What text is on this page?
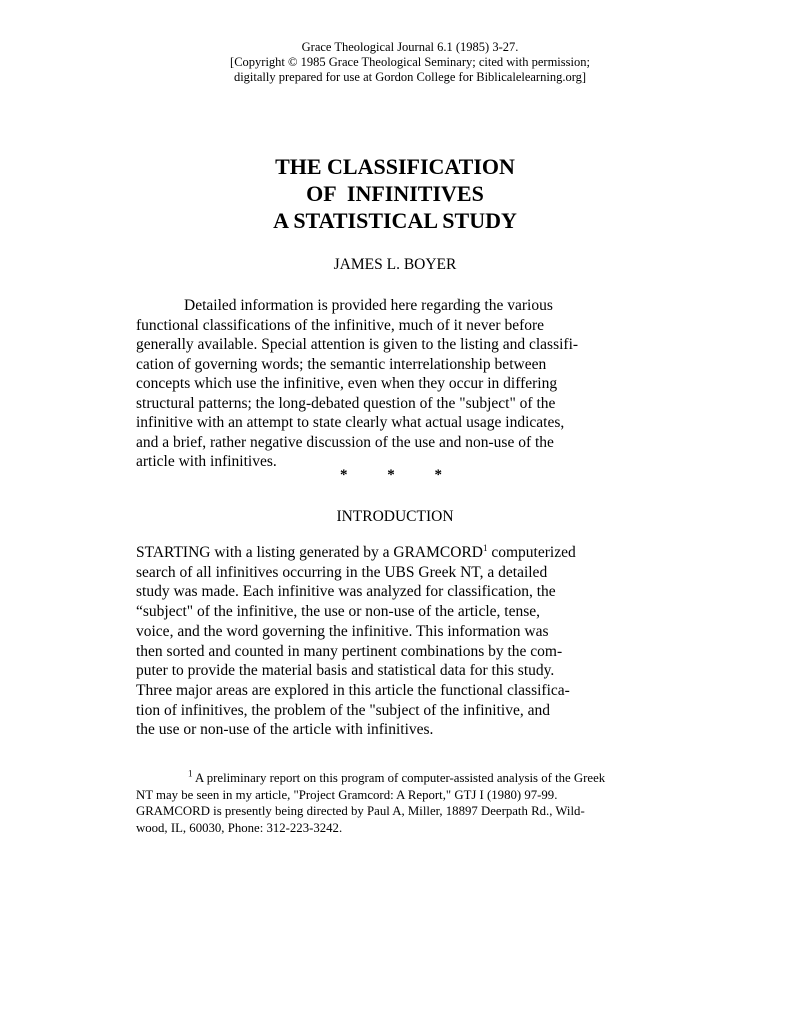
Grace Theological Journal 6.1 (1985) 3-27.
[Copyright © 1985 Grace Theological Seminary; cited with permission;
digitally prepared for use at Gordon College for Biblicalelearning.org]
THE CLASSIFICATION
OF  INFINITIVES
A STATISTICAL STUDY
JAMES L. BOYER
Detailed information is provided here regarding the various
functional classifications of the infinitive, much of it never before
generally available. Special attention is given to the listing and classifi-
cation of governing words; the semantic interrelationship between
concepts which use the infinitive, even when they occur in differing
structural patterns; the long-debated question of the "subject" of the
infinitive with an attempt to state clearly what actual usage indicates,
and a brief, rather negative discussion of the use and non-use of the
article with infinitives.
* * *
INTRODUCTION
STARTING with a listing generated by a GRAMCORD$^1$ computerized
search of all infinitives occurring in the UBS Greek NT, a detailed
study was made. Each infinitive was analyzed for classification, the
“subject" of the infinitive, the use or non-use of the article, tense,
voice, and the word governing the infinitive. This information was
then sorted and counted in many pertinent combinations by the com-
puter to provide the material basis and statistical data for this study.
Three major areas are explored in this article the functional classifica-
tion of infinitives, the problem of the "subject of the infinitive, and
the use or non-use of the article with infinitives.
$^1$ A preliminary report on this program of computer-assisted analysis of the Greek
NT may be seen in my article, "Project Gramcord: A Report," GTJ I (1980) 97-99.
GRAMCORD is presently being directed by Paul A, Miller, 18897 Deerpath Rd., Wild-
wood, IL, 60030, Phone: 312-223-3242.
